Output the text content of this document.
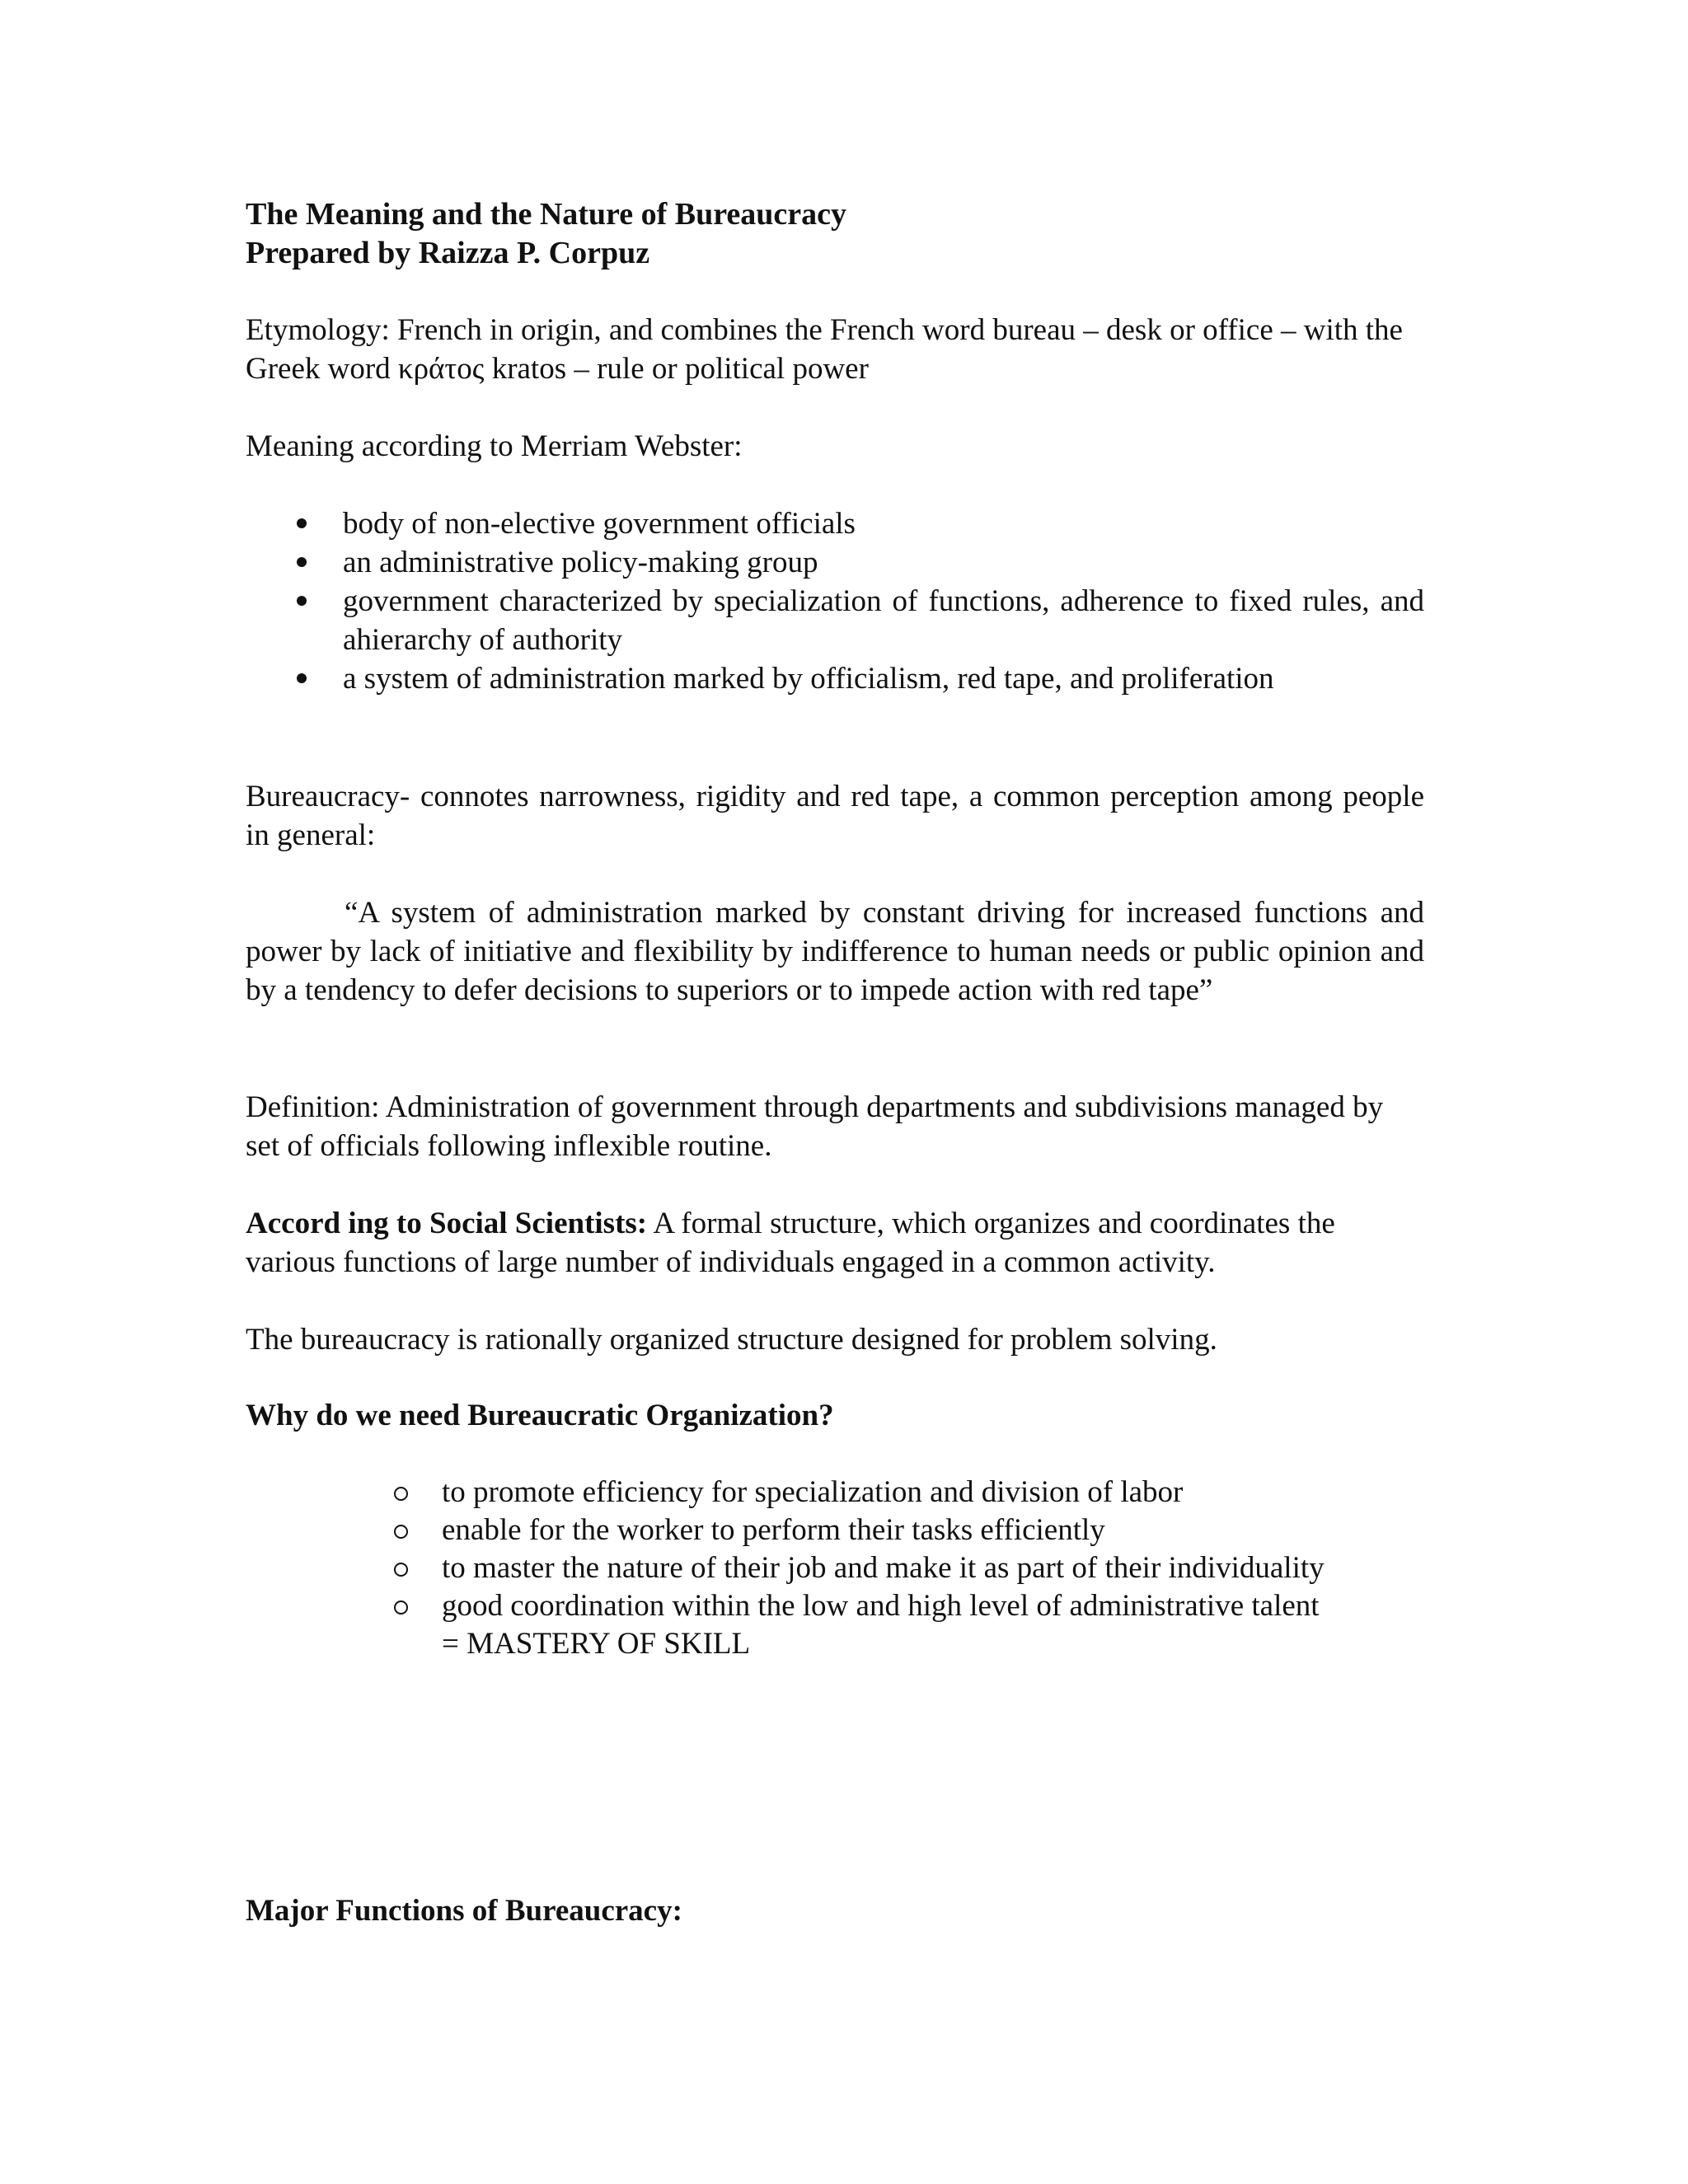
The Meaning and the Nature of Bureaucracy
Prepared by Raizza P. Corpuz
Etymology: French in origin, and combines the French word bureau – desk or office – with the Greek word κράτος kratos – rule or political power
Meaning according to Merriam Webster:
body of non-elective government officials
an administrative policy-making group
government characterized by specialization of functions, adherence to fixed rules, and ahierarchy of authority
a system of administration marked by officialism, red tape, and proliferation
Bureaucracy- connotes narrowness, rigidity and red tape, a common perception among people in general:
“A system of administration marked by constant driving for increased functions and power by lack of initiative and flexibility by indifference to human needs or public opinion and by a tendency to defer decisions to superiors or to impede action with red tape”
Definition: Administration of government through departments and subdivisions managed by set of officials following inflexible routine.
Accord ing to Social Scientists: A formal structure, which organizes and coordinates the various functions of large number of individuals engaged in a common activity.
The bureaucracy is rationally organized structure designed for problem solving.
Why do we need Bureaucratic Organization?
to promote efficiency for specialization and division of labor
enable for the worker to perform their tasks efficiently
to master the nature of their job and make it as part of their individuality
good coordination within the low and high level of administrative talent
= MASTERY OF SKILL
Major Functions of Bureaucracy:
